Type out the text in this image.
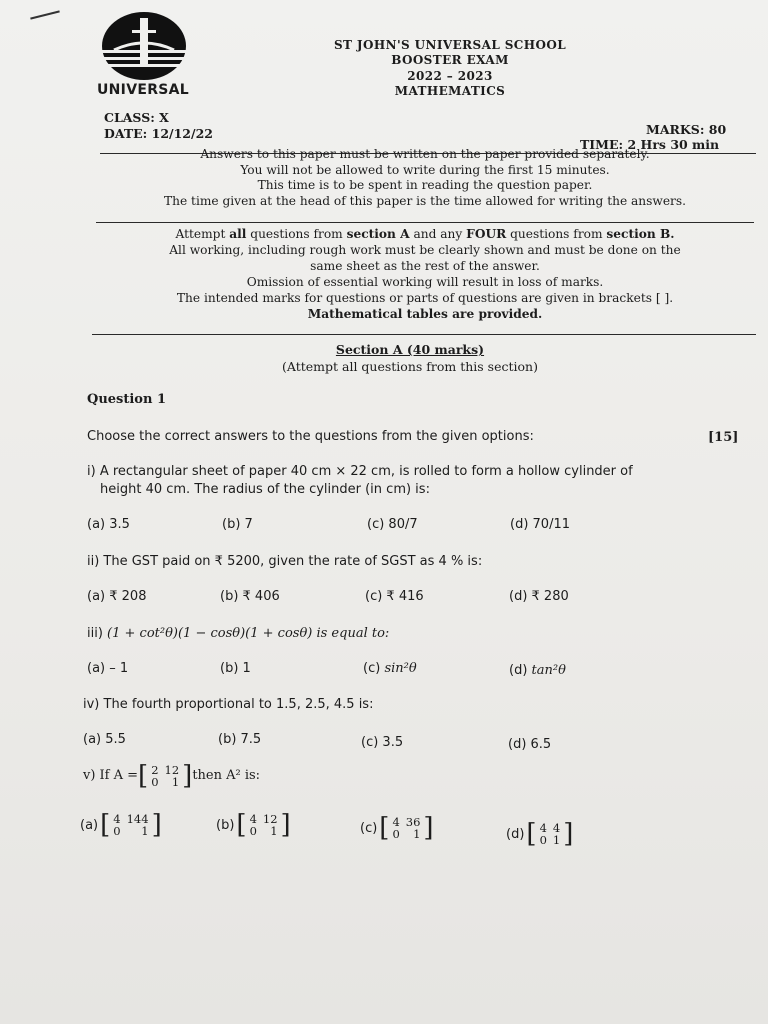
UNIVERSAL
ST JOHN'S UNIVERSAL SCHOOL
BOOSTER EXAM
2022 – 2023
MATHEMATICS
CLASS: X
DATE: 12/12/22	MARKS: 80
TIME: 2 Hrs 30 min
Answers to this paper must be written on the paper provided separately.
You will not be allowed to write during the first 15 minutes.
This time is to be spent in reading the question paper.
The time given at the head of this paper is the time allowed for writing the answers.
Attempt all questions from section A and any FOUR questions from section B.
All working, including rough work must be clearly shown and must be done on the
same sheet as the rest of the answer.
Omission of essential working will result in loss of marks.
The intended marks for questions or parts of questions are given in brackets [ ].
Mathematical tables are provided.
Section A (40 marks)
(Attempt all questions from this section)
Question 1
Choose the correct answers to the questions from the given options:	[15]
i) A rectangular sheet of paper 40 cm × 22 cm, is rolled to form a hollow cylinder of
height 40 cm. The radius of the cylinder (in cm) is:
(a) 3.5	(b) 7	(c) 80/7	(d) 70/11
ii) The GST paid on ₹ 5200, given the rate of SGST as 4 % is:
(a) ₹ 208	(b) ₹ 406	(c) ₹ 416	(d) ₹ 280
iii) (1 + cot²θ)(1 − cosθ)(1 + cosθ) is equal to:
(a) – 1	(b) 1	(c) sin²θ	(d) tan²θ
iv) The fourth proportional to 1.5, 2.5, 4.5 is:
(a) 5.5	(b) 7.5	(c) 3.5	(d) 6.5
v) If A = [ 2	12
0	1 ] then A² is:
(a) [ 4	144
0	1 ]	(b) [ 4	12
0	1 ]	(c) [ 4	36
0	1 ]	(d) [ 4	4
0	1 ]
